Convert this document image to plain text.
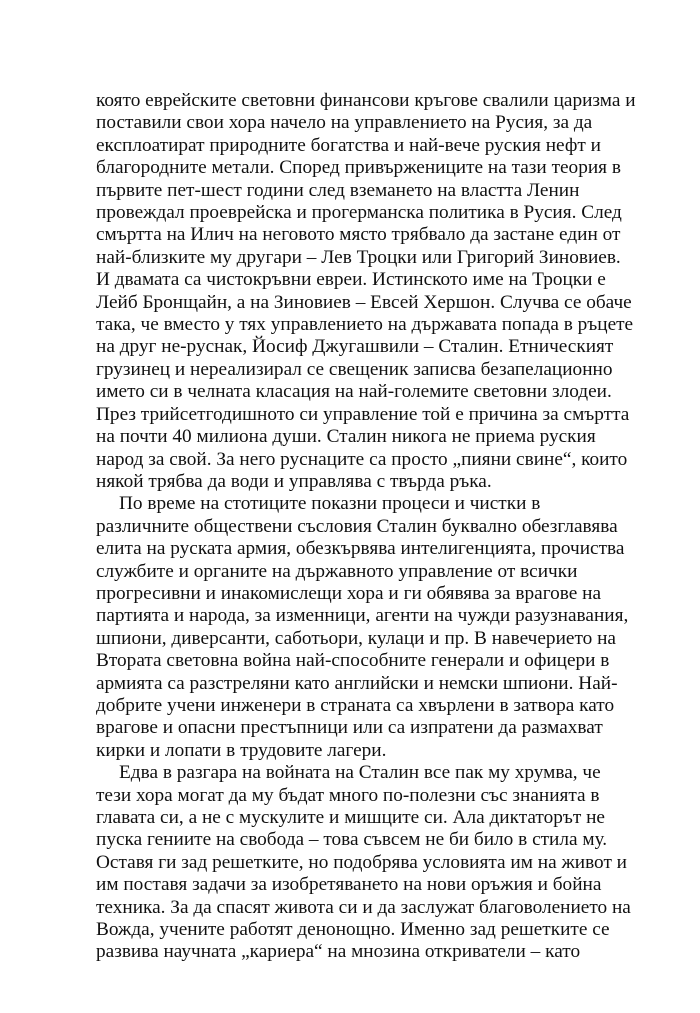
която еврейските световни финансови кръгове свалили царизма и
поставили свои хора начело на управлението на Русия, за да
експлоатират природните богатства и най-вече руския нефт и
благородните метали. Според привържениците на тази теория в
първите пет-шест години след вземането на властта Ленин
провеждал проеврейска и прогерманска политика в Русия. След
смъртта на Илич на неговото място трябвало да застане един от
най-близките му другари – Лев Троцки или Григорий Зиновиев.
И двамата са чистокръвни евреи. Истинското име на Троцки е
Лейб Бронщайн, а на Зиновиев – Евсей Хершон. Случва се обаче
така, че вместо у тях управлението на държавата попада в ръцете
на друг не-руснак, Йосиф Джугашвили – Сталин. Етническият
грузинец и нереализирал се свещеник записва безапелационно
името си в челната класация на най-големите световни злодеи.
През трийсетгодишното си управление той е причина за смъртта
на почти 40 милиона души. Сталин никога не приема руския
народ за свой. За него руснаците са просто „пияни свине“, които
някой трябва да води и управлява с твърда ръка.
По време на стотиците показни процеси и чистки в
различните обществени съсловия Сталин буквално обезглавява
елита на руската армия, обезкървява интелигенцията, прочиства
службите и органите на държавното управление от всички
прогресивни и инакомислещи хора и ги обявява за врагове на
партията и народа, за изменници, агенти на чужди разузнавания,
шпиони, диверсанти, саботьори, кулаци и пр. В навечерието на
Втората световна война най-способните генерали и офицери в
армията са разстреляни като английски и немски шпиони. Най-
добрите учени инженери в страната са хвърлени в затвора като
врагове и опасни престъпници или са изпратени да размахват
кирки и лопати в трудовите лагери.
Едва в разгара на войната на Сталин все пак му хрумва, че
тези хора могат да му бъдат много по-полезни със знанията в
главата си, а не с мускулите и мишците си. Ала диктаторът не
пуска гениите на свобода – това съвсем не би било в стила му.
Оставя ги зад решетките, но подобрява условията им на живот и
им поставя задачи за изобретяването на нови оръжия и бойна
техника. За да спасят живота си и да заслужат благоволението на
Вожда, учените работят денонощно. Именно зад решетките се
развива научната „кариера“ на мнозина откриватели – като
